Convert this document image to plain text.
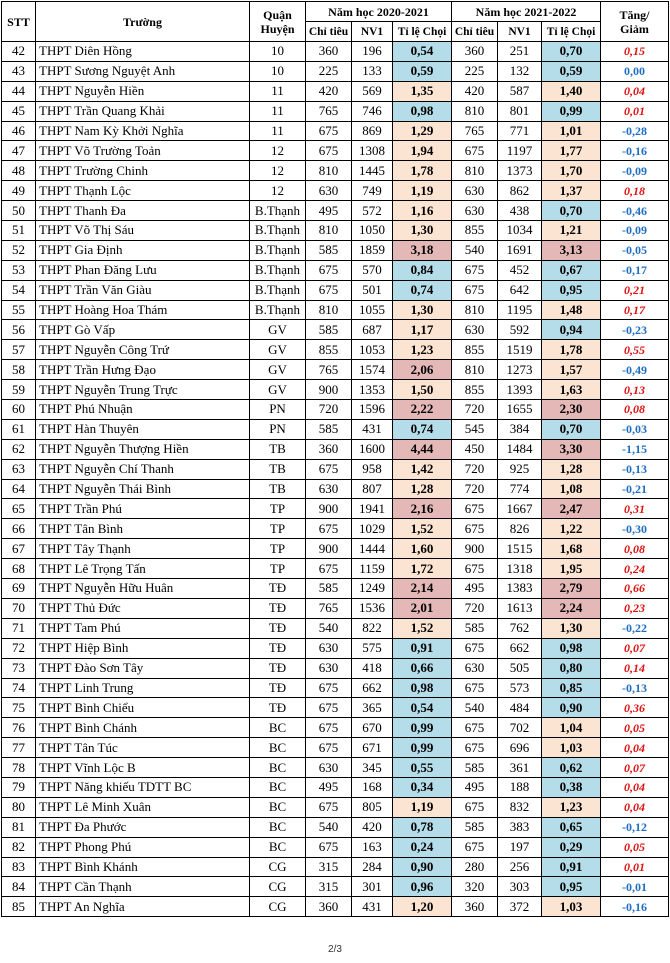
STT	Trường	Quận
Huyện	Năm học 2020-2021			Năm học 2021-2022			Tăng/
Giảm
			Chỉ tiêu	NV1	Tỉ lệ Chọi	Chỉ tiêu	NV1	Tỉ lệ Chọi	
42	THPT Diên Hồng	10	360	196	0,54	360	251	0,70	0,15
43	THPT Sương Nguyệt Anh	10	225	133	0,59	225	132	0,59	0,00
44	THPT Nguyễn Hiền	11	420	569	1,35	420	587	1,40	0,04
45	THPT Trần Quang Khải	11	765	746	0,98	810	801	0,99	0,01
46	THPT Nam Kỳ Khởi Nghĩa	11	675	869	1,29	765	771	1,01	-0,28
47	THPT Võ Trường Toản	12	675	1308	1,94	675	1197	1,77	-0,16
48	THPT Trường Chinh	12	810	1445	1,78	810	1373	1,70	-0,09
49	THPT Thạnh Lộc	12	630	749	1,19	630	862	1,37	0,18
50	THPT Thanh Đa	B.Thạnh	495	572	1,16	630	438	0,70	-0,46
51	THPT Võ Thị Sáu	B.Thạnh	810	1050	1,30	855	1034	1,21	-0,09
52	THPT Gia Định	B.Thạnh	585	1859	3,18	540	1691	3,13	-0,05
53	THPT Phan Đăng Lưu	B.Thạnh	675	570	0,84	675	452	0,67	-0,17
54	THPT Trần Văn Giàu	B.Thạnh	675	501	0,74	675	642	0,95	0,21
55	THPT Hoàng Hoa Thám	B.Thạnh	810	1055	1,30	810	1195	1,48	0,17
56	THPT Gò Vấp	GV	585	687	1,17	630	592	0,94	-0,23
57	THPT Nguyễn Công Trứ	GV	855	1053	1,23	855	1519	1,78	0,55
58	THPT Trần Hưng Đạo	GV	765	1574	2,06	810	1273	1,57	-0,49
59	THPT Nguyễn Trung Trực	GV	900	1353	1,50	855	1393	1,63	0,13
60	THPT Phú Nhuận	PN	720	1596	2,22	720	1655	2,30	0,08
61	THPT Hàn Thuyên	PN	585	431	0,74	545	384	0,70	-0,03
62	THPT Nguyễn Thượng Hiền	TB	360	1600	4,44	450	1484	3,30	-1,15
63	THPT Nguyễn Chí Thanh	TB	675	958	1,42	720	925	1,28	-0,13
64	THPT Nguyễn Thái Bình	TB	630	807	1,28	720	774	1,08	-0,21
65	THPT Trần Phú	TP	900	1941	2,16	675	1667	2,47	0,31
66	THPT Tân Bình	TP	675	1029	1,52	675	826	1,22	-0,30
67	THPT Tây Thạnh	TP	900	1444	1,60	900	1515	1,68	0,08
68	THPT Lê Trọng Tấn	TP	675	1159	1,72	675	1318	1,95	0,24
69	THPT Nguyễn Hữu Huân	TĐ	585	1249	2,14	495	1383	2,79	0,66
70	THPT Thủ Đức	TĐ	765	1536	2,01	720	1613	2,24	0,23
71	THPT Tam Phú	TĐ	540	822	1,52	585	762	1,30	-0,22
72	THPT Hiệp Bình	TĐ	630	575	0,91	675	662	0,98	0,07
73	THPT Đào Sơn Tây	TĐ	630	418	0,66	630	505	0,80	0,14
74	THPT Linh Trung	TĐ	675	662	0,98	675	573	0,85	-0,13
75	THPT Bình Chiểu	TĐ	675	365	0,54	540	484	0,90	0,36
76	THPT Bình Chánh	BC	675	670	0,99	675	702	1,04	0,05
77	THPT Tân Túc	BC	675	671	0,99	675	696	1,03	0,04
78	THPT Vĩnh Lộc B	BC	630	345	0,55	585	361	0,62	0,07
79	THPT Năng khiếu TDTT BC	BC	495	168	0,34	495	188	0,38	0,04
80	THPT Lê Minh Xuân	BC	675	805	1,19	675	832	1,23	0,04
81	THPT Đa Phước	BC	540	420	0,78	585	383	0,65	-0,12
82	THPT Phong Phú	BC	675	163	0,24	675	197	0,29	0,05
83	THPT Bình Khánh	CG	315	284	0,90	280	256	0,91	0,01
84	THPT Cần Thạnh	CG	315	301	0,96	320	303	0,95	-0,01
85	THPT An Nghĩa	CG	360	431	1,20	360	372	1,03	-0,16
2/3
